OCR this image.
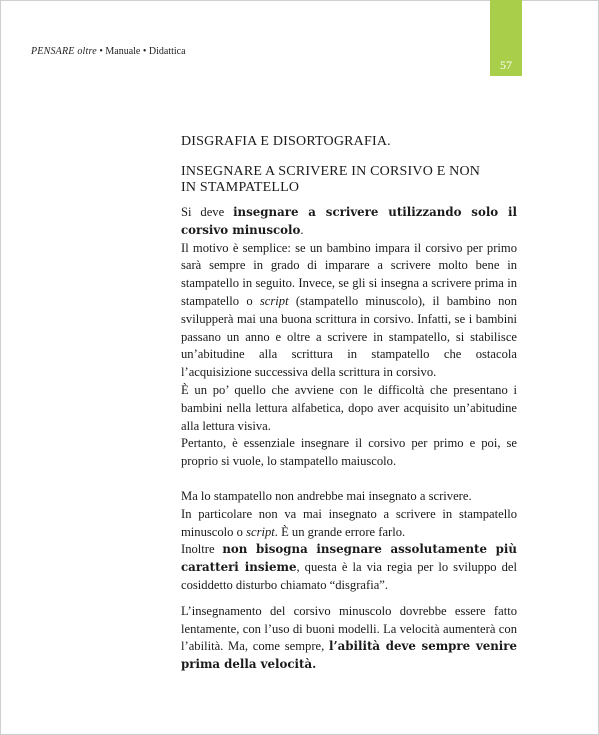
PENSARE oltre • Manuale • Didattica
57
DISGRAFIA E DISORTOGRAFIA.
INSEGNARE A SCRIVERE IN CORSIVO E NON
IN STAMPATELLO

Si deve insegnare a scrivere utilizzando solo il corsivo minuscolo.

Il motivo è semplice: se un bambino impara il corsivo per primo sarà sempre in grado di imparare a scrivere molto bene in stampatello in seguito. Invece, se gli si insegna a scrivere prima in stampatello o script (stampatello minuscolo), il bambino non svilupperà mai una buona scrittura in corsivo. Infatti, se i bambini passano un anno e oltre a scrivere in stampatello, si stabilisce un’abitudine alla scrittura in stampatello che ostacola l’acquisizione successiva della scrittura in corsivo.

È un po’ quello che avviene con le difficoltà che presentano i bambini nella lettura alfabetica, dopo aver acquisito un’abitudine alla lettura visiva.

Pertanto, è essenziale insegnare il corsivo per primo e poi, se proprio si vuole, lo stampatello maiuscolo.

Ma lo stampatello non andrebbe mai insegnato a scrivere.

In particolare non va mai insegnato a scrivere in stampatello minuscolo o script. È un grande errore farlo.

Inoltre non bisogna insegnare assolutamente più caratteri insieme, questa è la via regia per lo sviluppo del cosiddetto disturbo chiamato “disgrafia”.

L’insegnamento del corsivo minuscolo dovrebbe essere fatto lentamente, con l’uso di buoni modelli. La velocità aumenterà con l’abilità. Ma, come sempre, l’abilità deve sempre venire prima della velocità.
